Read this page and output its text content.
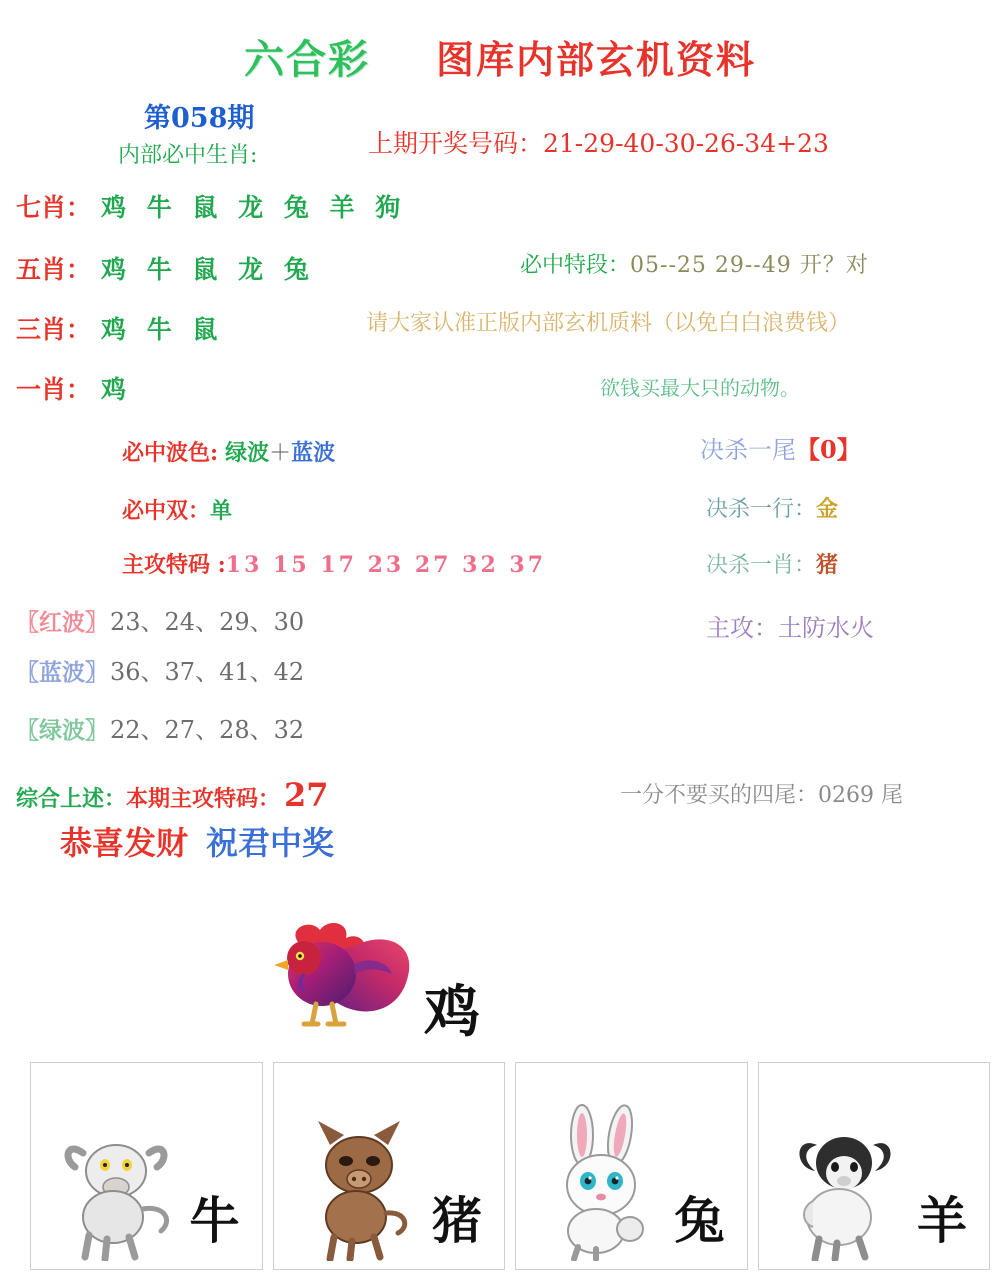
六合彩 图库内部玄机资料
第058期
内部必中生肖:	上期开奖号码：21-29-40-30-26-34+23
七肖： 鸡 牛 鼠 龙 兔 羊 狗
五肖： 鸡 牛 鼠 龙 兔
三肖： 鸡 牛 鼠
一肖： 鸡
必中波色: 绿波＋蓝波
必中双：单
主攻特码 :13 15 17 23 27 32 37
〖红波〗23、24、29、30
〖蓝波〗36、37、41、42
〖绿波〗22、27、28、32
综合上述：本期主攻特码： 27
恭喜发财 祝君中奖
必中特段：05--25 29--49 开？对
请大家认准正版内部玄机质料（以免白白浪费钱）
欲钱买最大只的动物。
决杀一尾【0】
决杀一行：金
决杀一肖：猪
主攻：土防水火
一分不要买的四尾：0269 尾
鸡
牛	猪	兔	羊
